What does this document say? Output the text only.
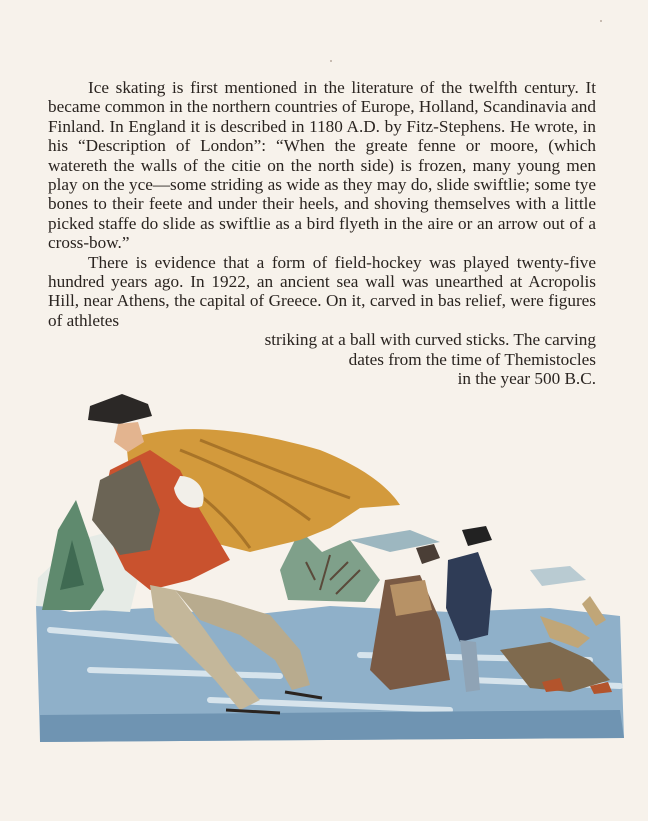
Ice skating is first mentioned in the literature of the twelfth century. It became common in the northern countries of Europe, Holland, Scandinavia and Finland. In England it is described in 1180 A.D. by Fitz-Stephens. He wrote, in his “Description of London”: “When the greate fenne or moore, (which watereth the walls of the citie on the north side) is frozen, many young men play on the yce—some striding as wide as they may do, slide swiftlie; some tye bones to their feete and under their heels, and shoving themselves with a little picked staffe do slide as swiftlie as a bird flyeth in the aire or an arrow out of a cross-bow.”

There is evidence that a form of field-hockey was played twenty-five hundred years ago. In 1922, an ancient sea wall was unearthed at Acropolis Hill, near Athens, the capital of Greece. On it, carved in bas relief, were figures of athletes

striking at a ball with curved sticks. The carving
dates from the time of Themistocles
in the year 500 B.C.
